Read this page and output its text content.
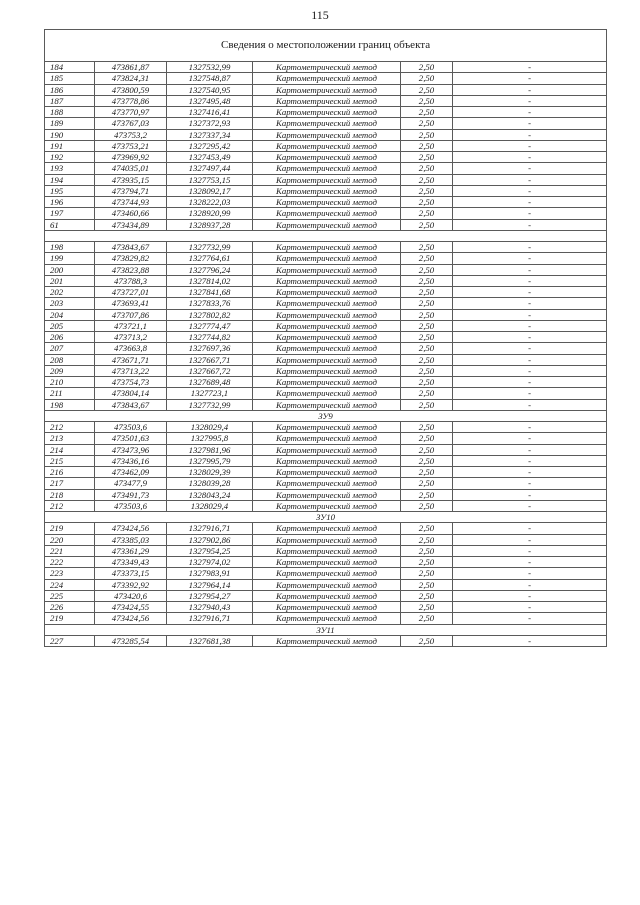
115
Сведения о местоположении границ объекта					
184	473861,87	1327532,99	Картометрический метод	2,50	-
185	473824,31	1327548,87	Картометрический метод	2,50	-
186	473800,59	1327540,95	Картометрический метод	2,50	-
187	473778,86	1327495,48	Картометрический метод	2,50	-
188	473770,97	1327416,41	Картометрический метод	2,50	-
189	473767,03	1327372,93	Картометрический метод	2,50	-
190	473753,2	1327337,34	Картометрический метод	2,50	-
191	473753,21	1327295,42	Картометрический метод	2,50	-
192	473969,92	1327453,49	Картометрический метод	2,50	-
193	474035,01	1327497,44	Картометрический метод	2,50	-
194	473935,15	1327753,15	Картометрический метод	2,50	-
195	473794,71	1328092,17	Картометрический метод	2,50	-
196	473744,93	1328222,03	Картометрический метод	2,50	-
197	473460,66	1328920,99	Картометрический метод	2,50	-
61	473434,89	1328937,28	Картометрический метод	2,50	-

198	473843,67	1327732,99	Картометрический метод	2,50	-
199	473829,82	1327764,61	Картометрический метод	2,50	-
200	473823,88	1327796,24	Картометрический метод	2,50	-
201	473788,3	1327814,02	Картометрический метод	2,50	-
202	473727,01	1327841,68	Картометрический метод	2,50	-
203	473693,41	1327833,76	Картометрический метод	2,50	-
204	473707,86	1327802,82	Картометрический метод	2,50	-
205	473721,1	1327774,47	Картометрический метод	2,50	-
206	473713,2	1327744,82	Картометрический метод	2,50	-
207	473663,8	1327697,36	Картометрический метод	2,50	-
208	473671,71	1327667,71	Картометрический метод	2,50	-
209	473713,22	1327667,72	Картометрический метод	2,50	-
210	473754,73	1327689,48	Картометрический метод	2,50	-
211	473804,14	1327723,1	Картометрический метод	2,50	-
198	473843,67	1327732,99	Картометрический метод	2,50	-
ЗУ9					
212	473503,6	1328029,4	Картометрический метод	2,50	-
213	473501,63	1327995,8	Картометрический метод	2,50	-
214	473473,96	1327981,96	Картометрический метод	2,50	-
215	473436,16	1327995,79	Картометрический метод	2,50	-
216	473462,09	1328029,39	Картометрический метод	2,50	-
217	473477,9	1328039,28	Картометрический метод	2,50	-
218	473491,73	1328043,24	Картометрический метод	2,50	-
212	473503,6	1328029,4	Картометрический метод	2,50	-
ЗУ10					
219	473424,56	1327916,71	Картометрический метод	2,50	-
220	473385,03	1327902,86	Картометрический метод	2,50	-
221	473361,29	1327954,25	Картометрический метод	2,50	-
222	473349,43	1327974,02	Картометрический метод	2,50	-
223	473373,15	1327983,91	Картометрический метод	2,50	-
224	473392,92	1327964,14	Картометрический метод	2,50	-
225	473420,6	1327954,27	Картометрический метод	2,50	-
226	473424,55	1327940,43	Картометрический метод	2,50	-
219	473424,56	1327916,71	Картометрический метод	2,50	-
ЗУ11					
227	473285,54	1327681,38	Картометрический метод	2,50	-
